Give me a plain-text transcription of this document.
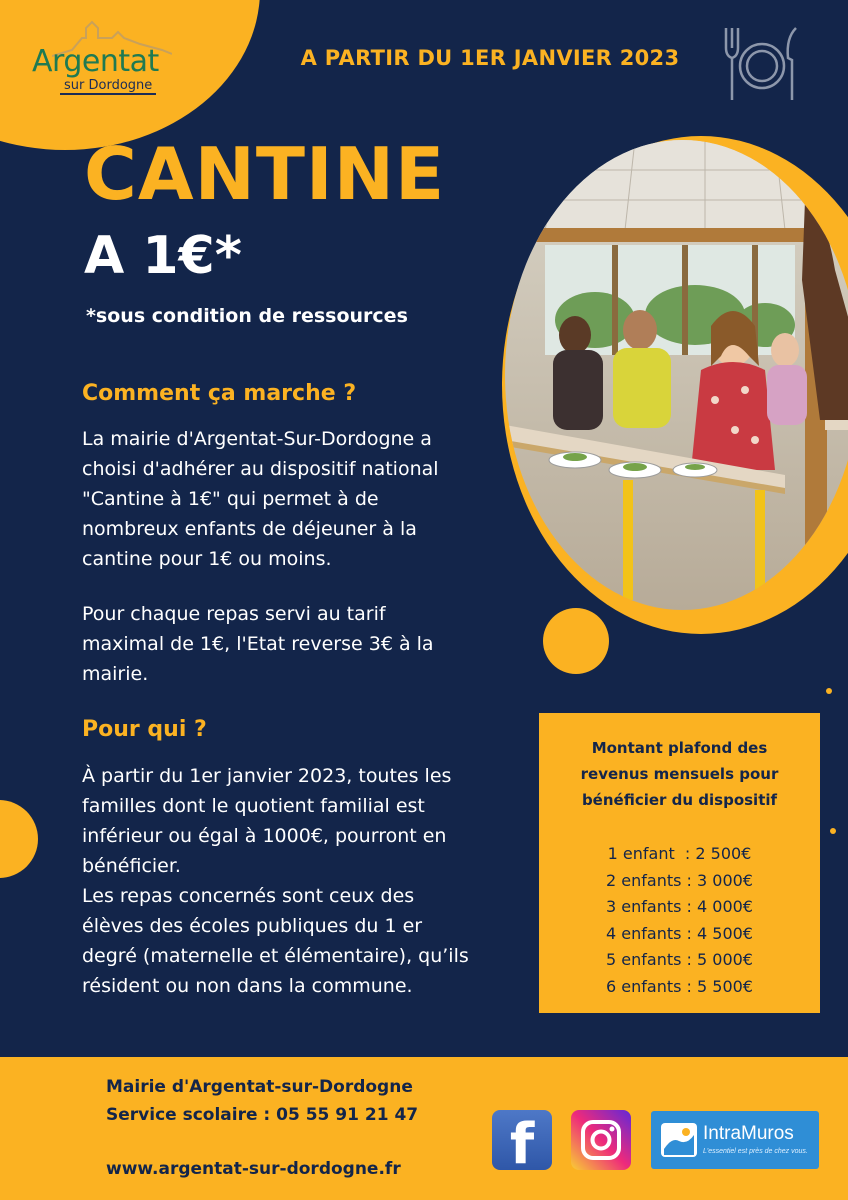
Argentat
sur Dordogne
A PARTIR DU 1ER JANVIER 2023
CANTINE
A 1€*
*sous condition de ressources
Comment ça marche ?
La mairie d'Argentat-Sur-Dordogne a
choisi d'adhérer au dispositif national
"Cantine à 1€" qui permet à de
nombreux enfants de déjeuner à la
cantine pour 1€ ou moins.
Pour chaque repas servi au tarif
maximal de 1€, l'Etat reverse 3€ à la
mairie.
Pour qui ?
À partir du 1er janvier 2023, toutes les
familles dont le quotient familial est
inférieur ou égal à 1000€, pourront en
bénéficier.
Les repas concernés sont ceux des
élèves des écoles publiques du 1 er
degré (maternelle et élémentaire), qu’ils
résident ou non dans la commune.
Montant plafond des
revenus mensuels pour
bénéficier du dispositif
1 enfant  : 2 500€
2 enfants : 3 000€
3 enfants : 4 000€
4 enfants : 4 500€
5 enfants : 5 000€
6 enfants : 5 500€
Mairie d'Argentat-sur-Dordogne
Service scolaire : 05 55 91 21 47
www.argentat-sur-dordogne.fr	f	IntraMuros
L'essentiel est près de chez vous.
